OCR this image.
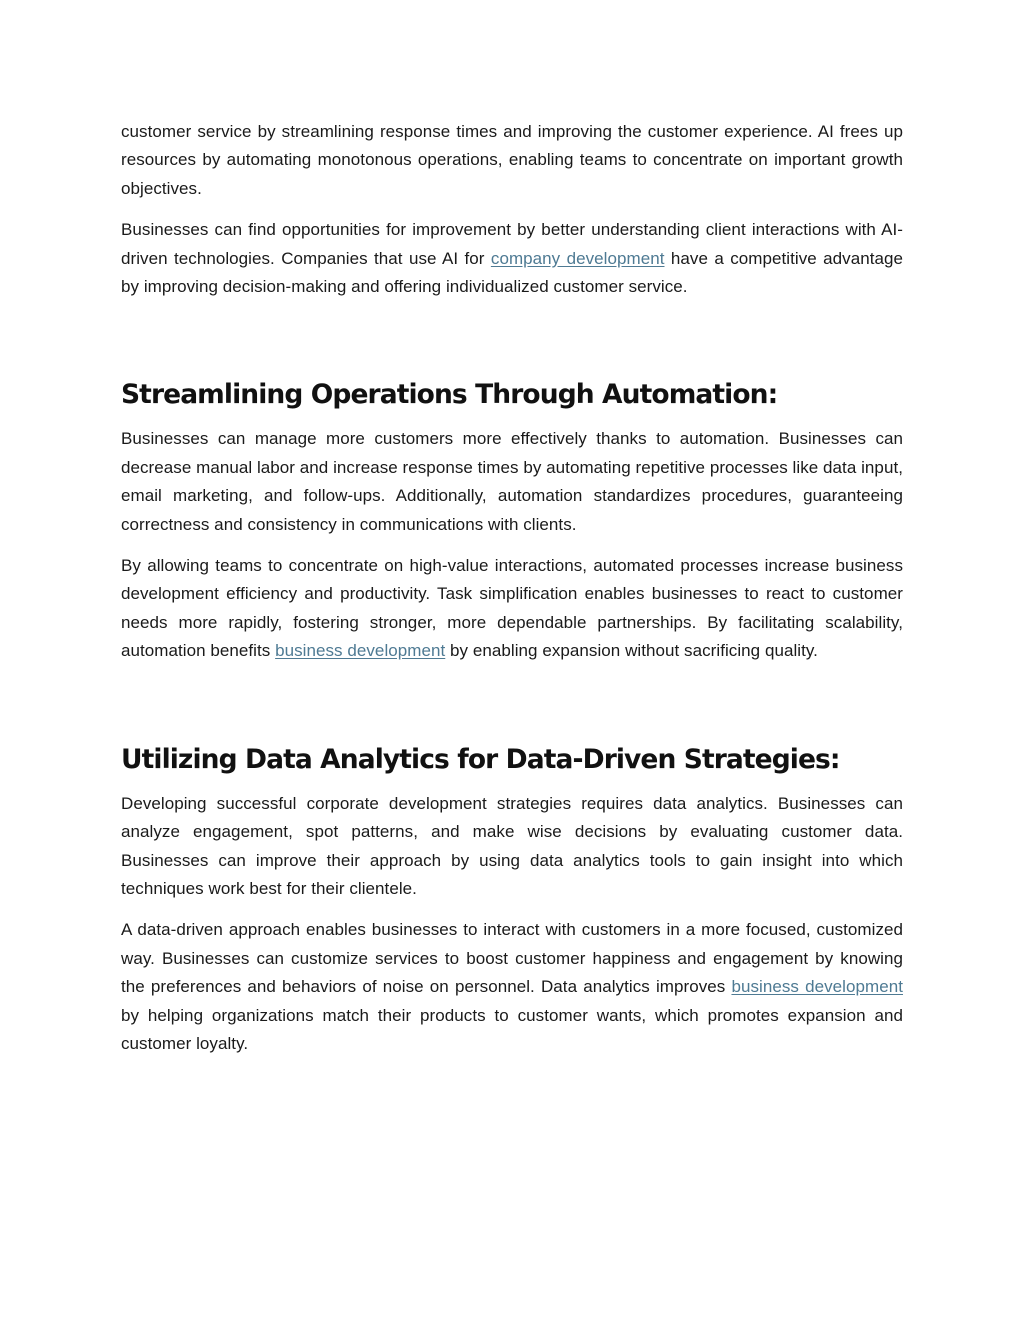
customer service by streamlining response times and improving the customer experience. AI frees up resources by automating monotonous operations, enabling teams to concentrate on important growth objectives.

Businesses can find opportunities for improvement by better understanding client interactions with AI-driven technologies. Companies that use AI for company development have a competitive advantage by improving decision-making and offering individualized customer service.

Streamlining Operations Through Automation:

Businesses can manage more customers more effectively thanks to automation. Businesses can decrease manual labor and increase response times by automating repetitive processes like data input, email marketing, and follow-ups. Additionally, automation standardizes procedures, guaranteeing correctness and consistency in communications with clients.

By allowing teams to concentrate on high-value interactions, automated processes increase business development efficiency and productivity. Task simplification enables businesses to react to customer needs more rapidly, fostering stronger, more dependable partnerships. By facilitating scalability, automation benefits business development by enabling expansion without sacrificing quality.

Utilizing Data Analytics for Data-Driven Strategies:

Developing successful corporate development strategies requires data analytics. Businesses can analyze engagement, spot patterns, and make wise decisions by evaluating customer data. Businesses can improve their approach by using data analytics tools to gain insight into which techniques work best for their clientele.

A data-driven approach enables businesses to interact with customers in a more focused, customized way. Businesses can customize services to boost customer happiness and engagement by knowing the preferences and behaviors of noise on personnel. Data analytics improves business development by helping organizations match their products to customer wants, which promotes expansion and customer loyalty.
